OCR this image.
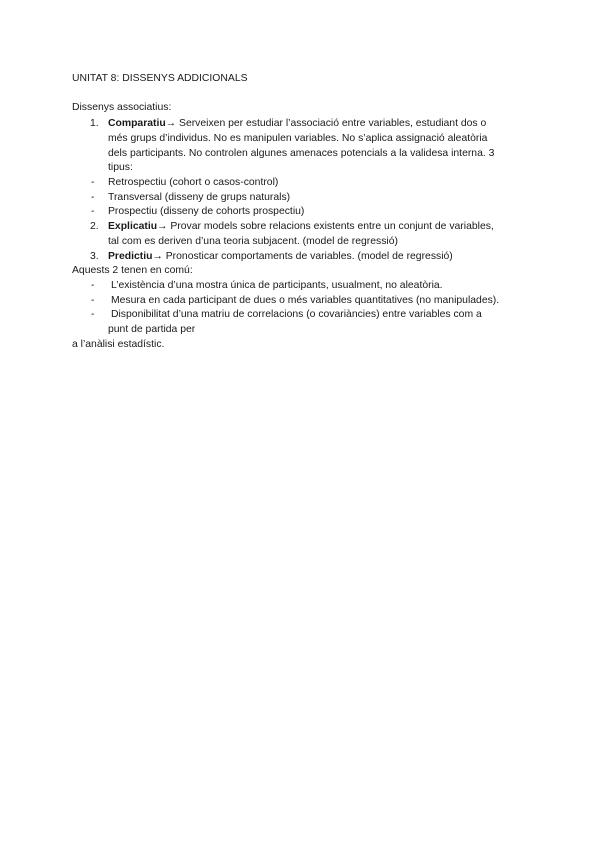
UNITAT 8: DISSENYS ADDICIONALS
Dissenys associatius:
1. Comparatiu→ Serveixen per estudiar l’associació entre variables, estudiant dos o
més grups d’individus. No es manipulen variables. No s’aplica assignació aleatòria
dels participants. No controlen algunes amenaces potencials a la validesa interna. 3
tipus:
- Retrospectiu (cohort o casos-control)
- Transversal (disseny de grups naturals)
- Prospectiu (disseny de cohorts prospectiu)
2. Explicatiu→ Provar models sobre relacions existents entre un conjunt de variables,
tal com es deriven d’una teoria subjacent. (model de regressió)
3. Predictiu→ Pronosticar comportaments de variables. (model de regressió)
Aquests 2 tenen en comú:
- L’existència d’una mostra única de participants, usualment, no aleatòria.
- Mesura en cada participant de dues o més variables quantitatives (no manipulades).
- Disponibilitat d’una matriu de correlacions (o covariàncies) entre variables com a
punt de partida per
a l’anàlisi estadístic.
